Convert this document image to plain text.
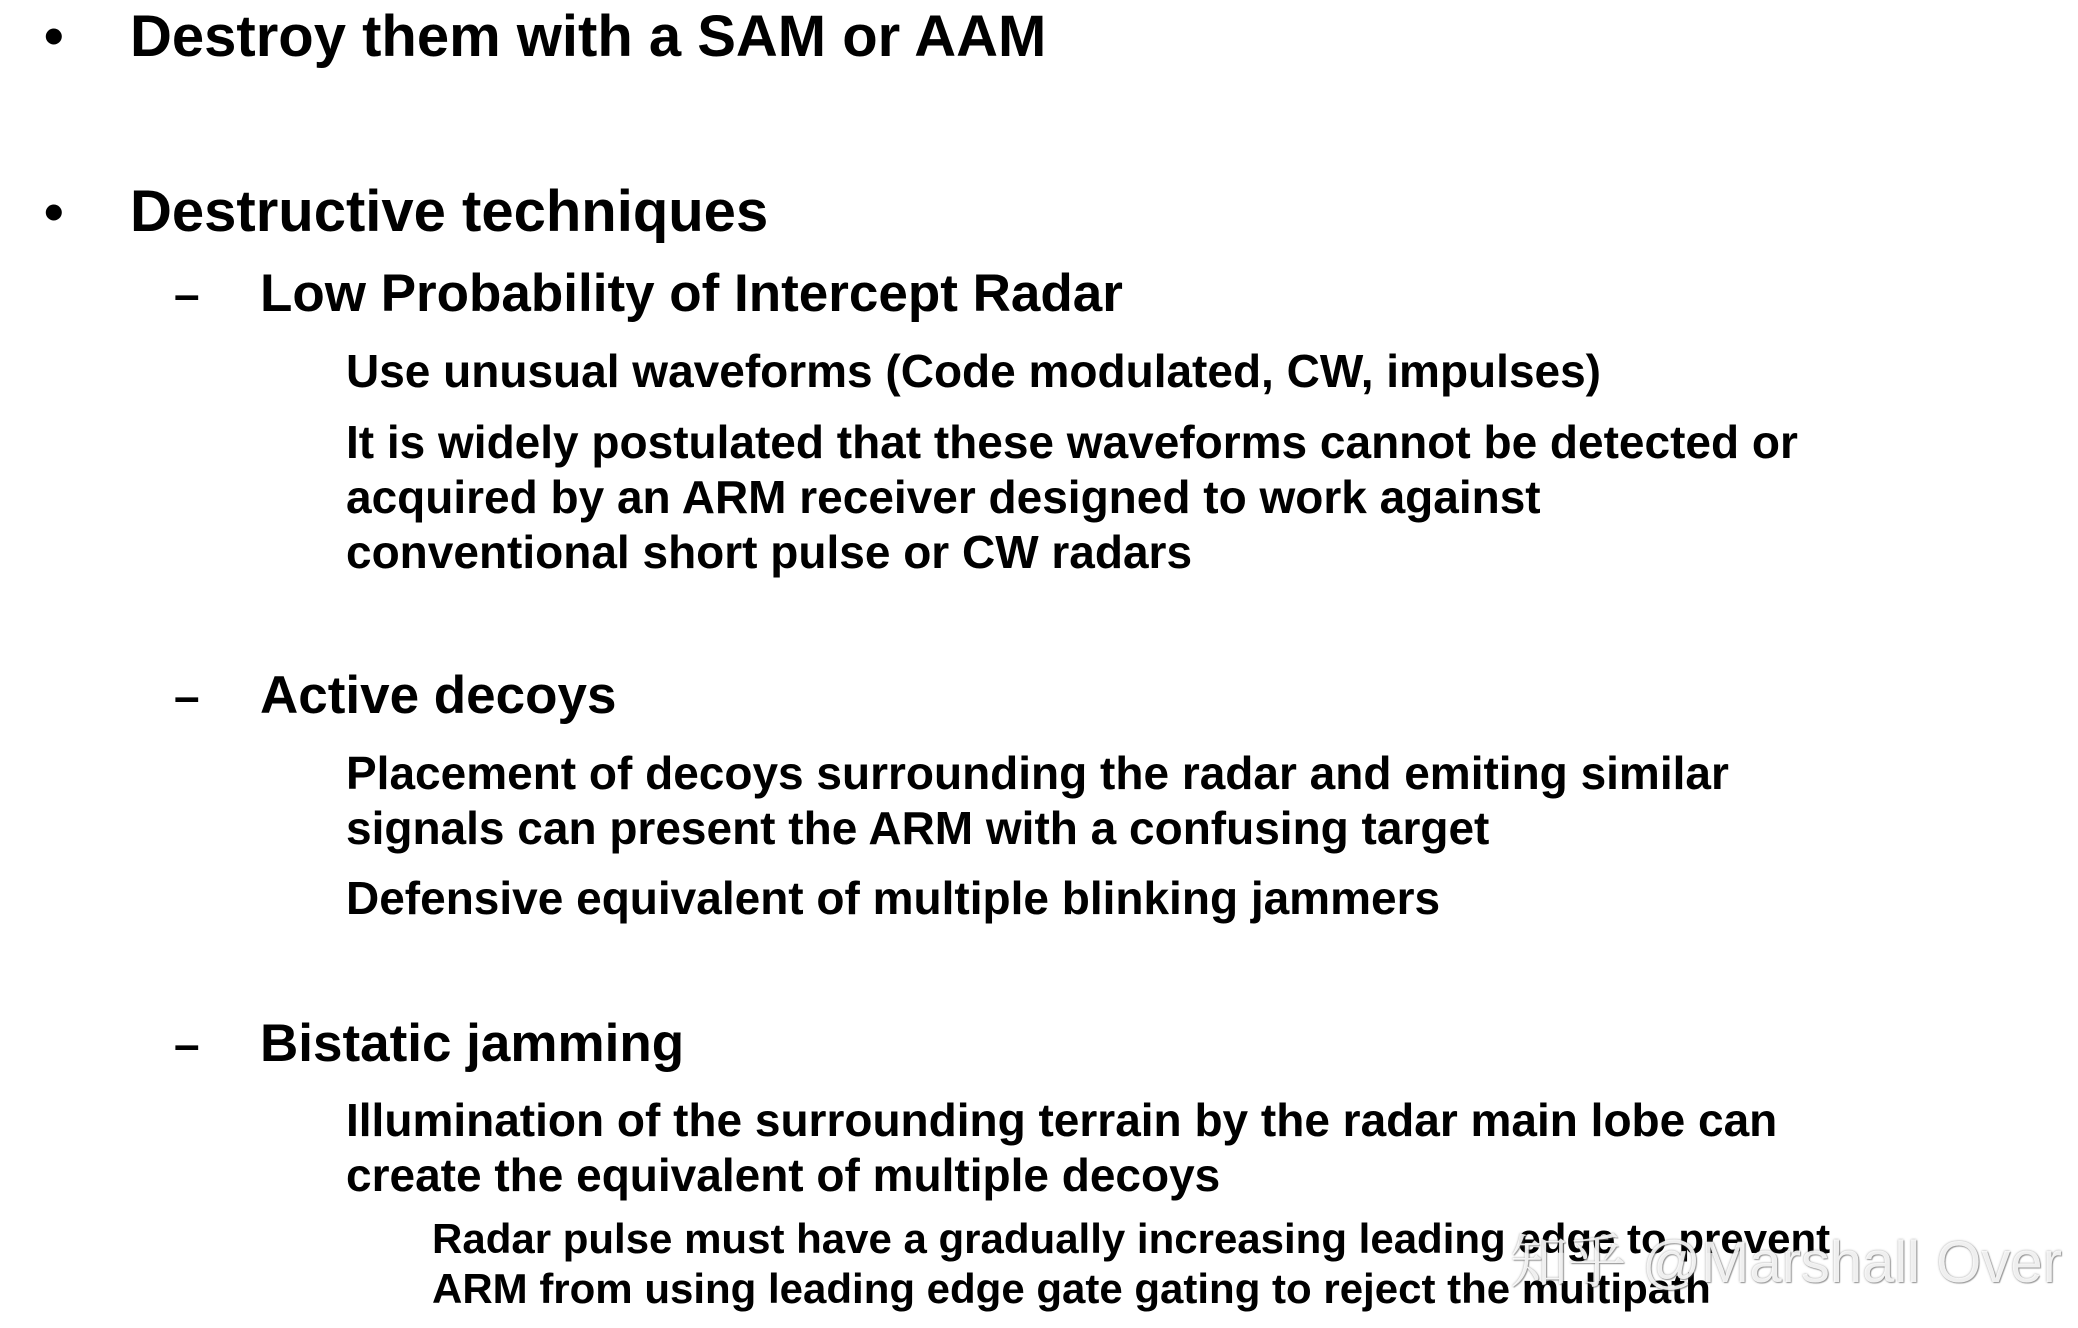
• Destroy them with a SAM or AAM
• Destructive techniques
– Low Probability of Intercept Radar
Use unusual waveforms (Code modulated, CW, impulses)
It is widely postulated that these waveforms cannot be detected or
acquired by an ARM receiver designed to work against
conventional short pulse or CW radars
– Active decoys
Placement of decoys surrounding the radar and emiting similar
signals can present the ARM with a confusing target
Defensive equivalent of multiple blinking jammers
– Bistatic jamming
Illumination of the surrounding terrain by the radar main lobe can
create the equivalent of multiple decoys
Radar pulse must have a gradually increasing leading edge to prevent
ARM from using leading edge gate gating to reject the multipath
知乎 @Marshall Over
